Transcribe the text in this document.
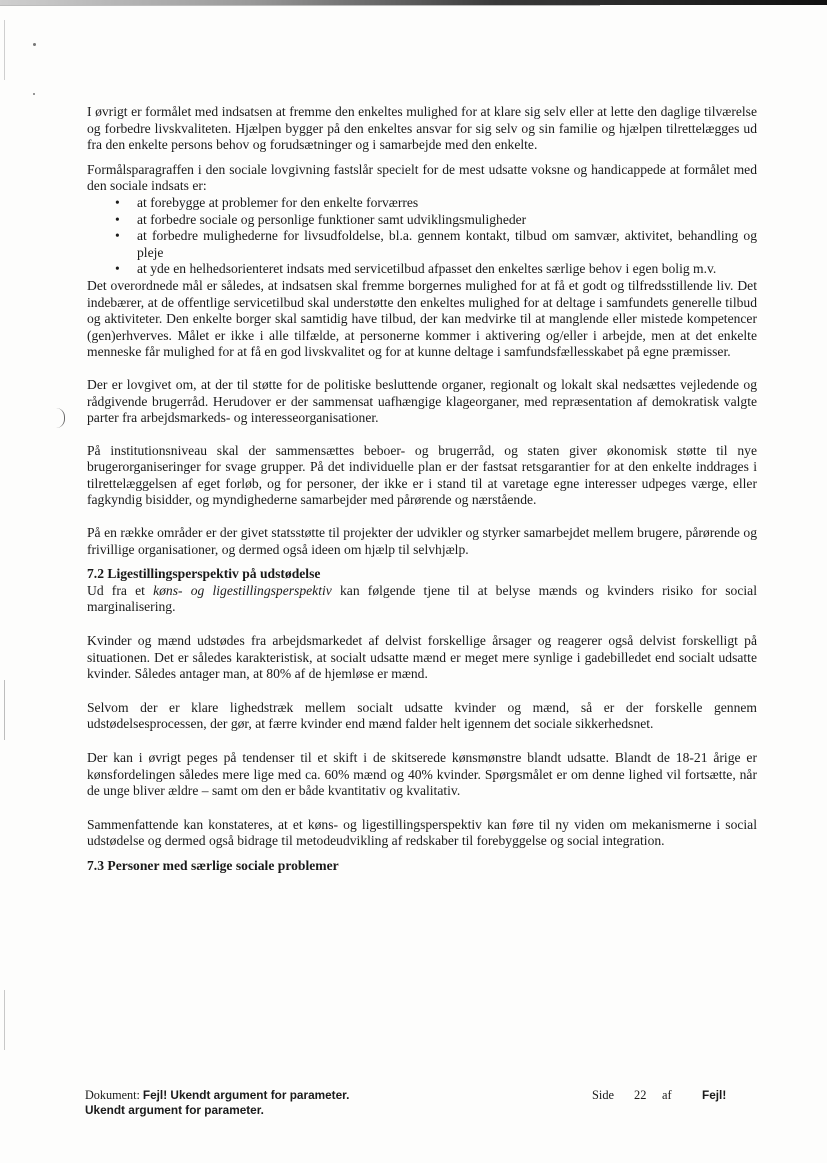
I øvrigt er formålet med indsatsen at fremme den enkeltes mulighed for at klare sig selv eller at lette den daglige tilværelse og forbedre livskvaliteten. Hjælpen bygger på den enkeltes ansvar for sig selv og sin familie og hjælpen tilrettelægges ud fra den enkelte persons behov og forudsætninger og i samarbejde med den enkelte.

Formålsparagraffen i den sociale lovgivning fastslår specielt for de mest udsatte voksne og handicappede at formålet med den sociale indsats er:

• at forebygge at problemer for den enkelte forværres
• at forbedre sociale og personlige funktioner samt udviklingsmuligheder
• at forbedre mulighederne for livsudfoldelse, bl.a. gennem kontakt, tilbud om samvær, aktivitet, behandling og pleje
• at yde en helhedsorienteret indsats med servicetilbud afpasset den enkeltes særlige behov i egen bolig m.v.

Det overordnede mål er således, at indsatsen skal fremme borgernes mulighed for at få et godt og tilfredsstillende liv. Det indebærer, at de offentlige servicetilbud skal understøtte den enkeltes mulighed for at deltage i samfundets generelle tilbud og aktiviteter. Den enkelte borger skal samtidig have tilbud, der kan medvirke til at manglende eller mistede kompetencer (gen)erhverves. Målet er ikke i alle tilfælde, at personerne kommer i aktivering og/eller i arbejde, men at det enkelte menneske får mulighed for at få en god livskvalitet og for at kunne deltage i samfundsfællesskabet på egne præmisser.

Der er lovgivet om, at der til støtte for de politiske besluttende organer, regionalt og lokalt skal nedsættes vejledende og rådgivende brugerråd. Herudover er der sammensat uafhængige klageorganer, med repræsentation af demokratisk valgte parter fra arbejdsmarkeds- og interesseorganisationer.

På institutionsniveau skal der sammensættes beboer- og brugerråd, og staten giver økonomisk støtte til nye brugerorganiseringer for svage grupper. På det individuelle plan er der fastsat retsgarantier for at den enkelte inddrages i tilrettelæggelsen af eget forløb, og for personer, der ikke er i stand til at varetage egne interesser udpeges værge, eller fagkyndig bisidder, og myndighederne samarbejder med pårørende og nærstående.

På en række områder er der givet statsstøtte til projekter der udvikler og styrker samarbejdet mellem brugere, pårørende og frivillige organisationer, og dermed også ideen om hjælp til selvhjælp.

7.2 Ligestillingsperspektiv på udstødelse

Ud fra et køns- og ligestillingsperspektiv kan følgende tjene til at belyse mænds og kvinders risiko for social marginalisering.

Kvinder og mænd udstødes fra arbejdsmarkedet af delvist forskellige årsager og reagerer også delvist forskelligt på situationen. Det er således karakteristisk, at socialt udsatte mænd er meget mere synlige i gadebilledet end socialt udsatte kvinder. Således antager man, at 80% af de hjemløse er mænd.

Selvom der er klare lighedstræk mellem socialt udsatte kvinder og mænd, så er der forskelle gennem udstødelsesprocessen, der gør, at færre kvinder end mænd falder helt igennem det sociale sikkerhedsnet.

Der kan i øvrigt peges på tendenser til et skift i de skitserede kønsmønstre blandt udsatte. Blandt de 18-21 årige er kønsfordelingen således mere lige med ca. 60% mænd og 40% kvinder. Spørgsmålet er om denne lighed vil fortsætte, når de unge bliver ældre – samt om den er både kvantitativ og kvalitativ.

Sammenfattende kan konstateres, at et køns- og ligestillingsperspektiv kan føre til ny viden om mekanismerne i social udstødelse og dermed også bidrage til metodeudvikling af redskaber til forebyggelse og social integration.

7.3 Personer med særlige sociale problemer
Dokument: Fejl! Ukendt argument for parameter.
Ukendt argument for parameter.
Side 22 af	Fejl!
